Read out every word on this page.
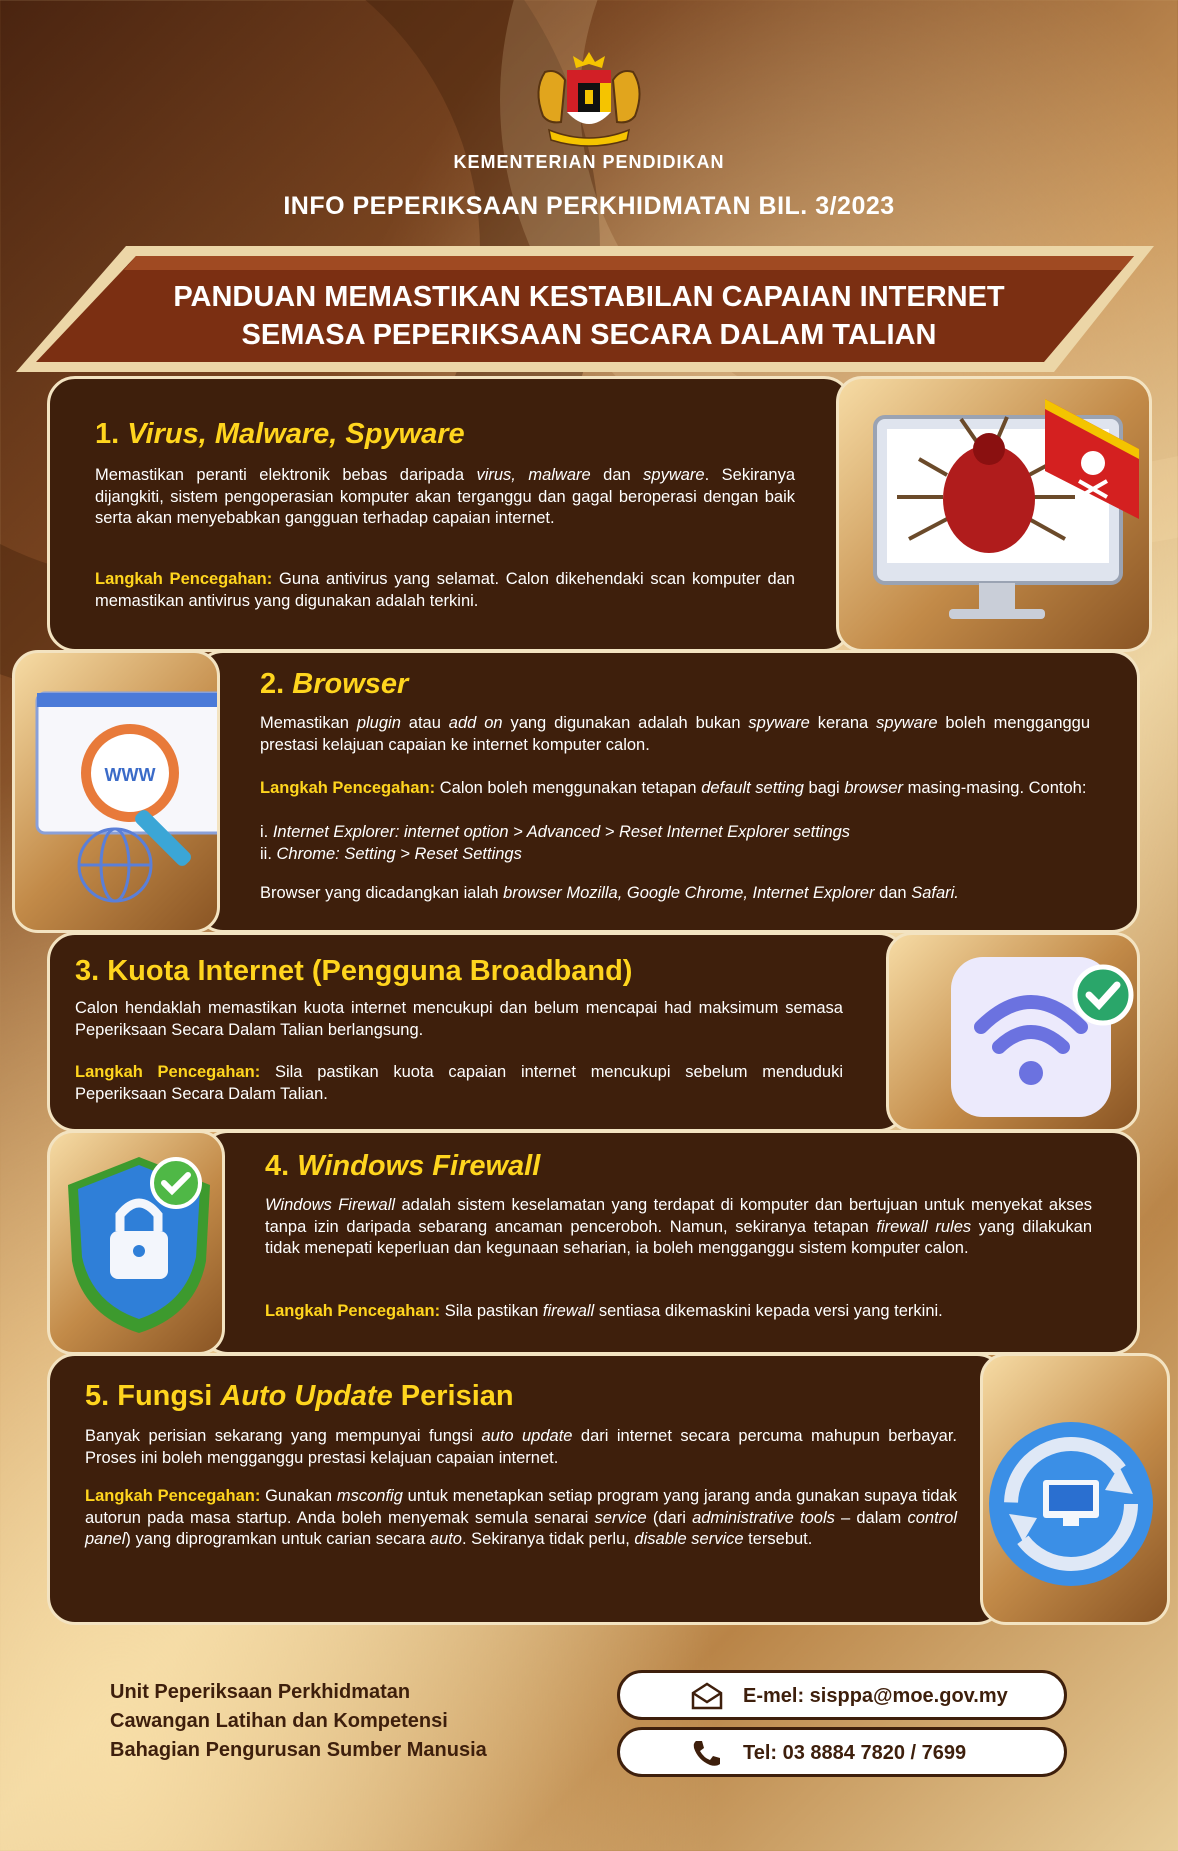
KEMENTERIAN PENDIDIKAN
INFO PEPERIKSAAN PERKHIDMATAN BIL. 3/2023
PANDUAN MEMASTIKAN KESTABILAN CAPAIAN INTERNET
SEMASA PEPERIKSAAN SECARA DALAM TALIAN
1. Virus, Malware, Spyware
Memastikan peranti elektronik bebas daripada virus, malware dan spyware. Sekiranya dijangkiti, sistem pengoperasian komputer akan terganggu dan gagal beroperasi dengan baik serta akan menyebabkan gangguan terhadap capaian internet.
Langkah Pencegahan: Guna antivirus yang selamat. Calon dikehendaki scan komputer dan memastikan antivirus yang digunakan adalah terkini.
WWW
2. Browser
Memastikan plugin atau add on yang digunakan adalah bukan spyware kerana spyware boleh mengganggu prestasi kelajuan capaian ke internet komputer calon.
Langkah Pencegahan: Calon boleh menggunakan tetapan default setting bagi browser masing-masing. Contoh:
i. Internet Explorer: internet option > Advanced > Reset Internet Explorer settings
ii. Chrome: Setting > Reset Settings
Browser yang dicadangkan ialah browser Mozilla, Google Chrome, Internet Explorer dan Safari.
3. Kuota Internet (Pengguna Broadband)
Calon hendaklah memastikan kuota internet mencukupi dan belum mencapai had maksimum semasa Peperiksaan Secara Dalam Talian berlangsung.
Langkah Pencegahan: Sila pastikan kuota capaian internet mencukupi sebelum menduduki Peperiksaan Secara Dalam Talian.
4. Windows Firewall
Windows Firewall adalah sistem keselamatan yang terdapat di komputer dan bertujuan untuk menyekat akses tanpa izin daripada sebarang ancaman penceroboh. Namun, sekiranya tetapan firewall rules yang dilakukan tidak menepati keperluan dan kegunaan seharian, ia boleh mengganggu sistem komputer calon.
Langkah Pencegahan: Sila pastikan firewall sentiasa dikemaskini kepada versi yang terkini.
5. Fungsi Auto Update Perisian
Banyak perisian sekarang yang mempunyai fungsi auto update dari internet secara percuma mahupun berbayar. Proses ini boleh mengganggu prestasi kelajuan capaian internet.
Langkah Pencegahan: Gunakan msconfig untuk menetapkan setiap program yang jarang anda gunakan supaya tidak autorun pada masa startup. Anda boleh menyemak semula senarai service (dari administrative tools – dalam control panel) yang diprogramkan untuk carian secara auto. Sekiranya tidak perlu, disable service tersebut.
Unit Peperiksaan Perkhidmatan
Cawangan Latihan dan Kompetensi
Bahagian Pengurusan Sumber Manusia
E-mel: sisppa@moe.gov.my
Tel: 03 8884 7820 / 7699
